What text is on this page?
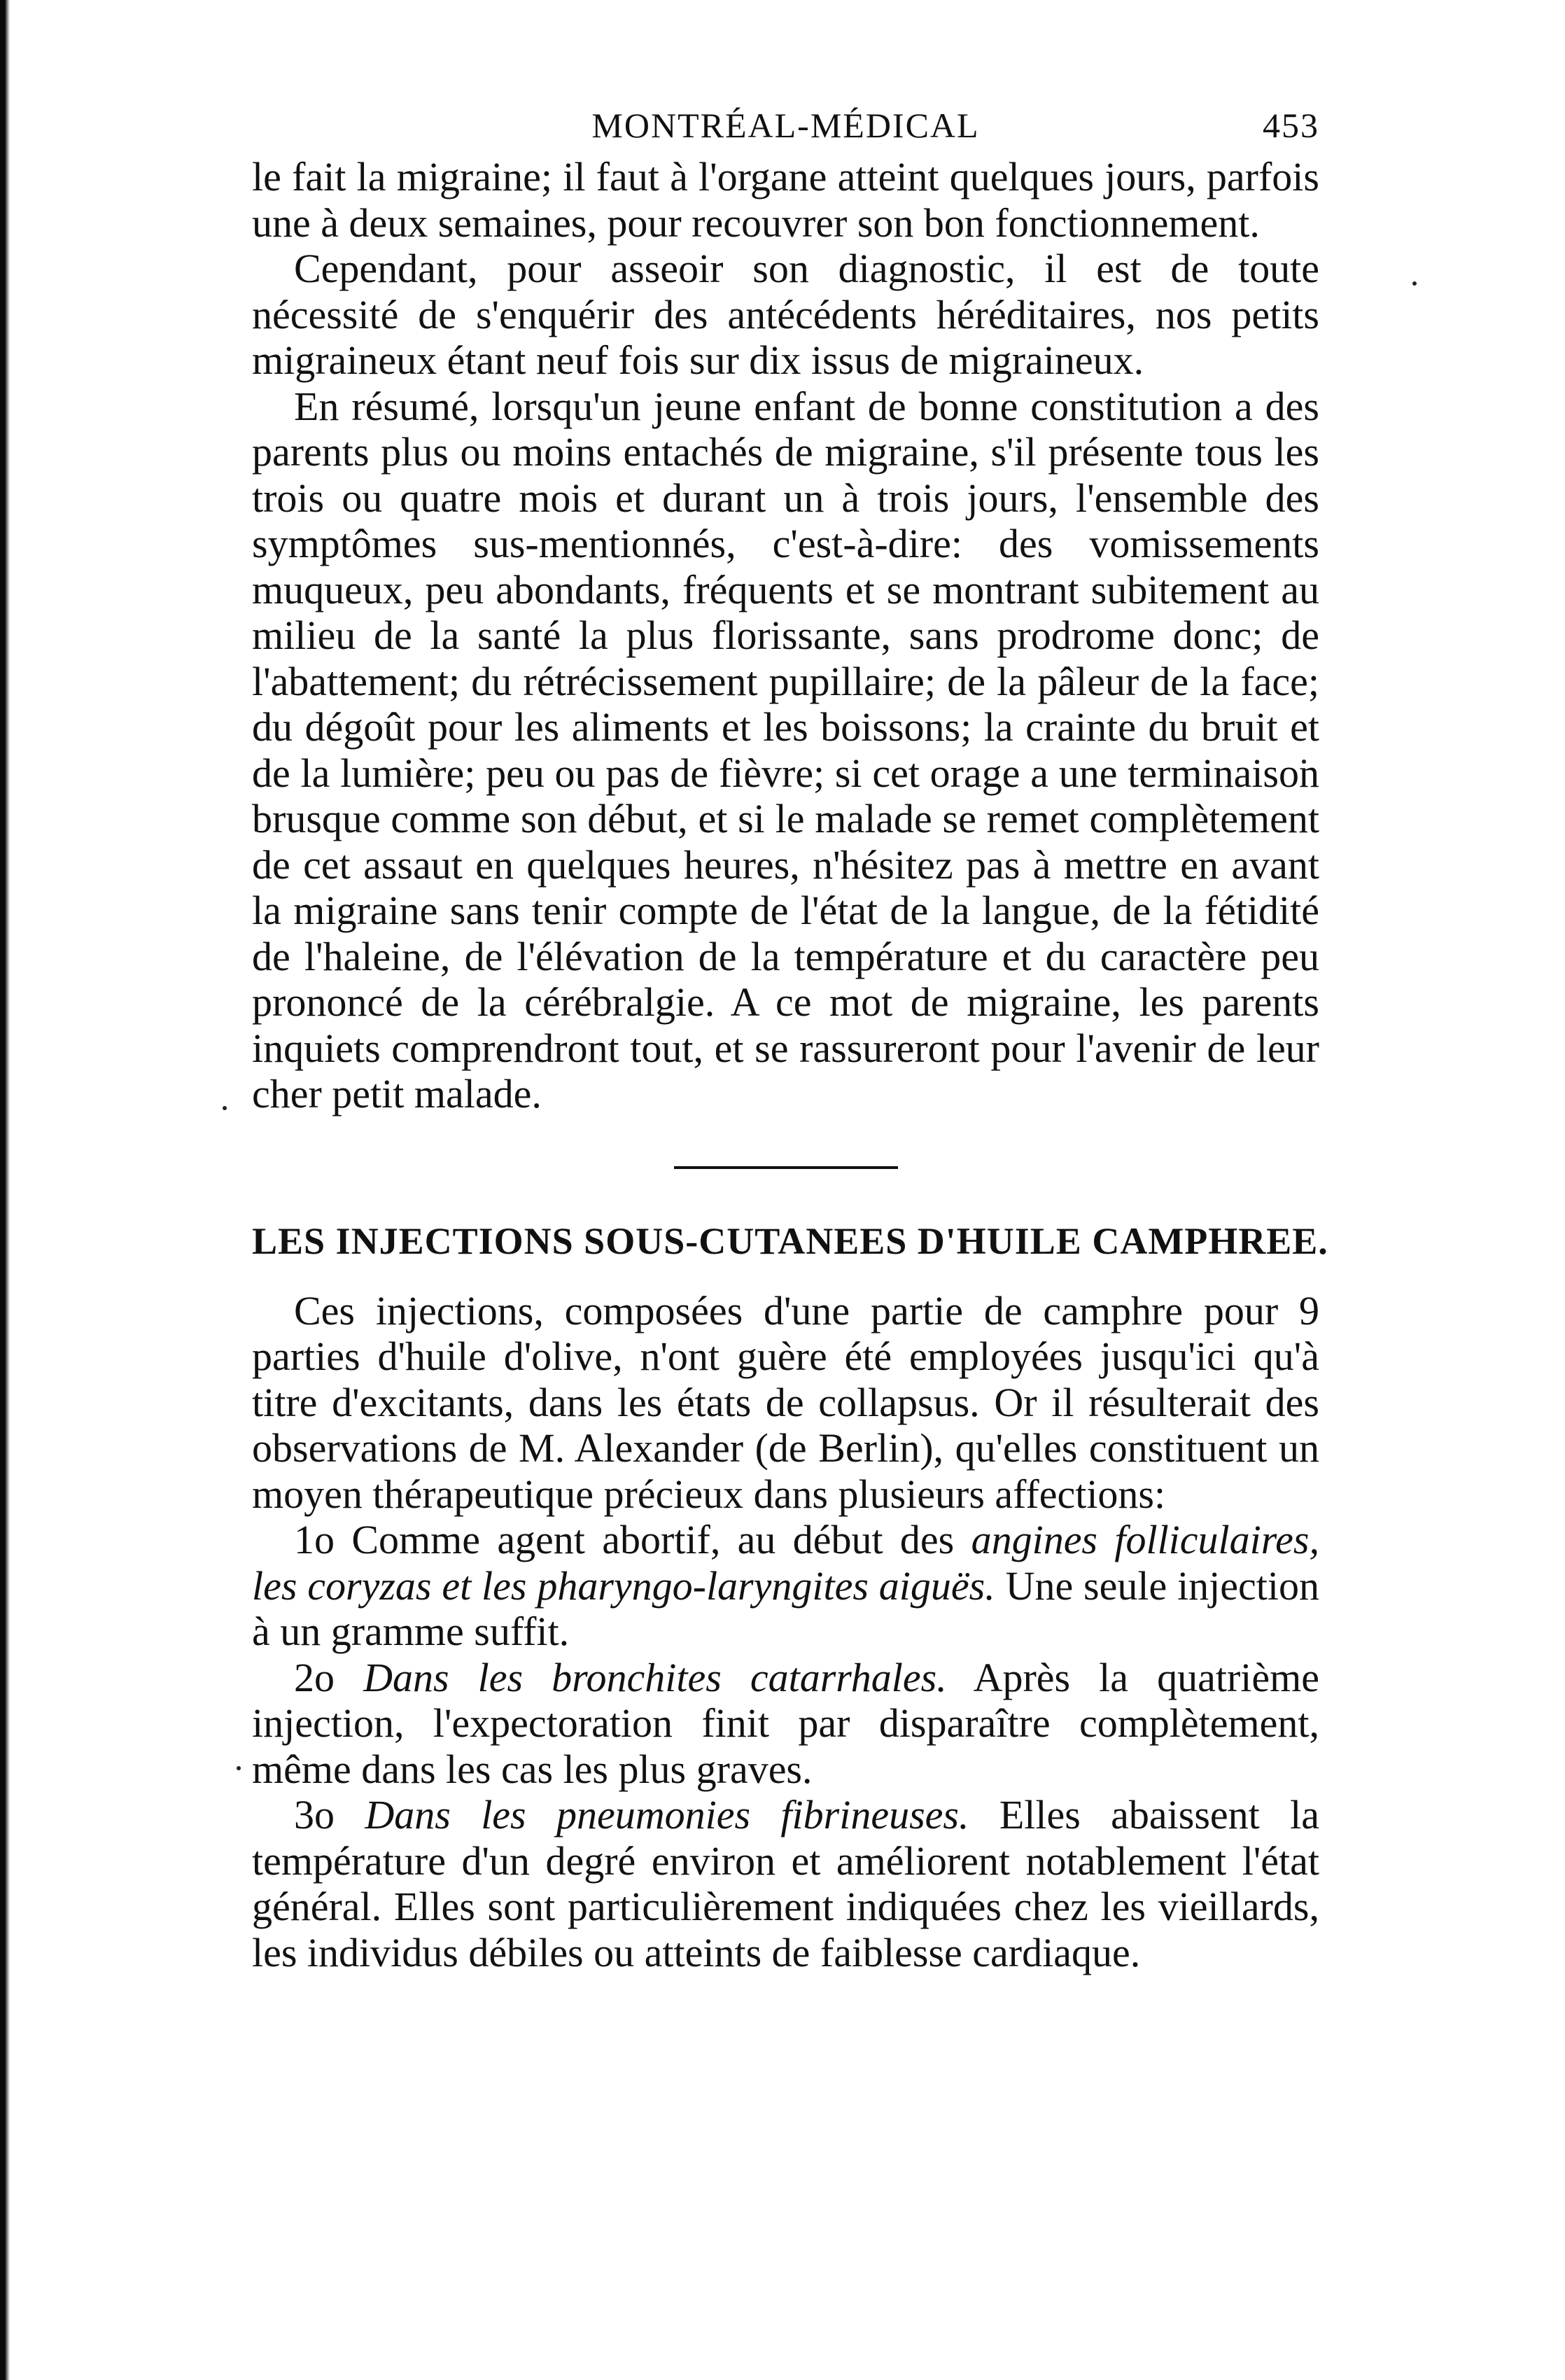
MONTRÉAL-MÉDICAL	453

le fait la migraine; il faut à l'organe atteint quelques jours, parfois une à deux semaines, pour recouvrer son bon fonctionnement.

Cependant, pour asseoir son diagnostic, il est de toute nécessité de s'enquérir des antécédents héréditaires, nos petits migraineux étant neuf fois sur dix issus de migraineux.

En résumé, lorsqu'un jeune enfant de bonne constitution a des parents plus ou moins entachés de migraine, s'il présente tous les trois ou quatre mois et durant un à trois jours, l'ensemble des symptômes sus-mentionnés, c'est-à-dire: des vomissements muqueux, peu abondants, fréquents et se montrant subitement au milieu de la santé la plus florissante, sans prodrome donc; de l'abattement; du rétrécissement pupillaire; de la pâleur de la face; du dégoût pour les aliments et les boissons; la crainte du bruit et de la lumière; peu ou pas de fièvre; si cet orage a une terminaison brusque comme son début, et si le malade se remet complètement de cet assaut en quelques heures, n'hésitez pas à mettre en avant la migraine sans tenir compte de l'état de la langue, de la fétidité de l'haleine, de l'élévation de la température et du caractère peu prononcé de la cérébralgie. A ce mot de migraine, les parents inquiets comprendront tout, et se rassureront pour l'avenir de leur cher petit malade.

LES INJECTIONS SOUS-CUTANEES D'HUILE CAMPHREE.

Ces injections, composées d'une partie de camphre pour 9 parties d'huile d'olive, n'ont guère été employées jusqu'ici qu'à titre d'excitants, dans les états de collapsus. Or il résulterait des observations de M. Alexander (de Berlin), qu'elles constituent un moyen thérapeutique précieux dans plusieurs affections:

1o Comme agent abortif, au début des angines folliculaires, les coryzas et les pharyngo-laryngites aiguës. Une seule injection à un gramme suffit.

2o Dans les bronchites catarrhales. Après la quatrième injection, l'expectoration finit par disparaître complètement, même dans les cas les plus graves.

3o Dans les pneumonies fibrineuses. Elles abaissent la température d'un degré environ et améliorent notablement l'état général. Elles sont particulièrement indiquées chez les vieillards, les individus débiles ou atteints de faiblesse cardiaque.
